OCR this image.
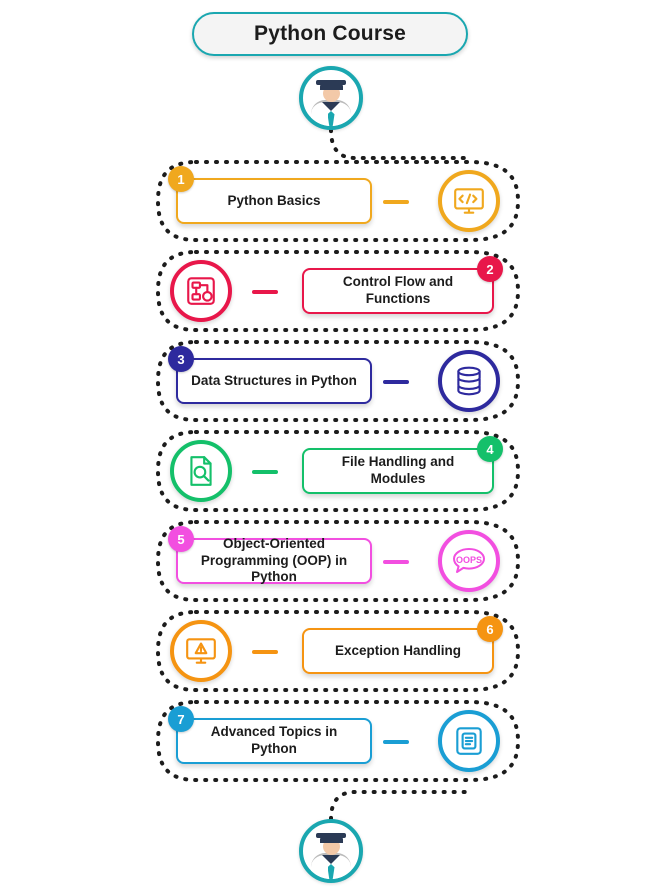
Python Course
Python Basics
1
Control Flow and Functions
2
Data Structures in Python
3
File Handling and Modules
4
OOPS
Object-Oriented Programming (OOP) in Python
5
Exception Handling
6
Advanced Topics in Python
7
